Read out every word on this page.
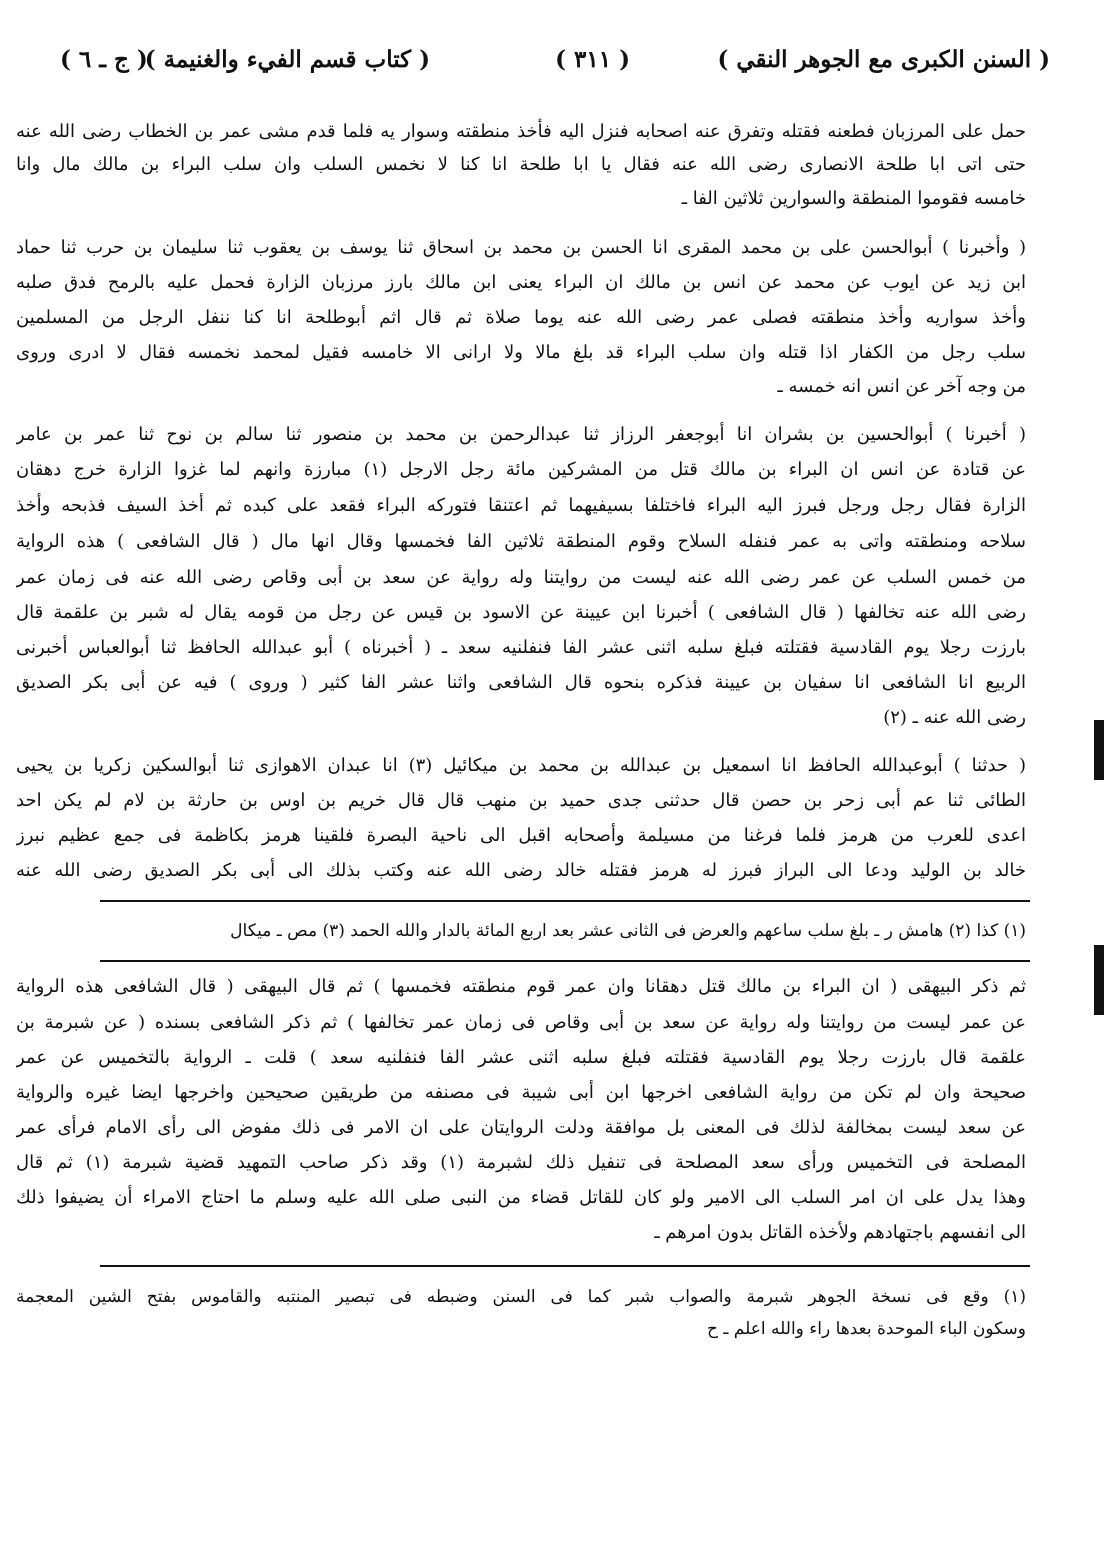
( السنن الكبرى مع الجوهر النقي )
( ٣١١ )
( كتاب قسم الفيء والغنيمة )
( ج ـ ٦ )
حمل على المرزبان فطعنه فقتله وتفرق عنه اصحابه فنزل اليه فأخذ منطقته وسوار يه فلما قدم مشى عمر بن الخطاب رضى الله عنه
حتى اتى ابا طلحة الانصارى رضى الله عنه فقال يا ابا طلحة انا كنا لا نخمس السلب وان سلب البراء بن مالك مال وانا
خامسه فقوموا المنطقة والسوارين ثلاثين الفا ـ
( وأخبرنا ) أبوالحسن على بن محمد المقرى انا الحسن بن محمد بن اسحاق ثنا يوسف بن يعقوب ثنا سليمان بن حرب ثنا حماد
ابن زيد عن ايوب عن محمد عن انس بن مالك ان البراء يعنى ابن مالك بارز مرزبان الزارة فحمل عليه بالرمح فدق صلبه
وأخذ سواريه وأخذ منطقته فصلى عمر رضى الله عنه يوما صلاة ثم قال اثم أبوطلحة انا كنا ننفل الرجل من المسلمين
سلب رجل من الكفار اذا قتله وان سلب البراء قد بلغ مالا ولا ارانى الا خامسه فقيل لمحمد نخمسه فقال لا ادرى وروى
من وجه آخر عن انس انه خمسه ـ
( أخبرنا ) أبوالحسين بن بشران انا أبوجعفر الرزاز ثنا عبدالرحمن بن محمد بن منصور ثنا سالم بن نوح ثنا عمر بن عامر
عن قتادة عن انس ان البراء بن مالك قتل من المشركين مائة رجل الارجل (١) مبارزة وانهم لما غزوا الزارة خرج دهقان
الزارة فقال رجل ورجل فبرز اليه البراء فاختلفا بسيفيهما ثم اعتنقا فتوركه البراء فقعد على كبده ثم أخذ السيف فذبحه وأخذ
سلاحه ومنطقته واتى به عمر فنفله السلاح وقوم المنطقة ثلاثين الفا فخمسها وقال انها مال ( قال الشافعى ) هذه الرواية
من خمس السلب عن عمر رضى الله عنه ليست من روايتنا وله رواية عن سعد بن أبى وقاص رضى الله عنه فى زمان عمر
رضى الله عنه تخالفها ( قال الشافعى ) أخبرنا ابن عيينة عن الاسود بن قيس عن رجل من قومه يقال له شبر بن علقمة قال
بارزت رجلا يوم القادسية فقتلته فبلغ سلبه اثنى عشر الفا فنفلنيه سعد ـ ( أخبرناه ) أبو عبدالله الحافظ ثنا أبوالعباس أخبرنى
الربيع انا الشافعى انا سفيان بن عيينة فذكره بنحوه قال الشافعى واثنا عشر الفا كثير ( وروى ) فيه عن أبى بكر الصديق
رضى الله عنه ـ (٢)
( حدثنا ) أبوعبدالله الحافظ انا اسمعيل بن عبدالله بن محمد بن ميكائيل (٣) انا عبدان الاهوازى ثنا أبوالسكين زكريا بن يحيى
الطائى ثنا عم أبى زحر بن حصن قال حدثنى جدى حميد بن منهب قال قال خريم بن اوس بن حارثة بن لام لم يكن احد
اعدى للعرب من هرمز فلما فرغنا من مسيلمة وأصحابه اقبل الى ناحية البصرة فلقينا هرمز بكاظمة فى جمع عظيم نبرز
خالد بن الوليد ودعا الى البراز فبرز له هرمز فقتله خالد رضى الله عنه وكتب بذلك الى أبى بكر الصديق رضى الله عنه
(١) كذا (٢) هامش ر ـ بلغ سلب ساعهم والعرض فى الثانى عشر بعد اربع المائة بالدار والله الحمد (٣) مص ـ ميكال
ثم ذكر البيهقى ( ان البراء بن مالك قتل دهقانا وان عمر قوم منطقته فخمسها ) ثم قال البيهقى ( قال الشافعى هذه الرواية
عن عمر ليست من روايتنا وله رواية عن سعد بن أبى وقاص فى زمان عمر تخالفها ) ثم ذكر الشافعى بسنده ( عن شبرمة بن
علقمة قال بارزت رجلا يوم القادسية فقتلته فبلغ سلبه اثنى عشر الفا فنفلنيه سعد ) قلت ـ الرواية بالتخميس عن عمر
صحيحة وان لم تكن من رواية الشافعى اخرجها ابن أبى شيبة فى مصنفه من طريقين صحيحين واخرجها ايضا غيره والرواية
عن سعد ليست بمخالفة لذلك فى المعنى بل موافقة ودلت الروايتان على ان الامر فى ذلك مفوض الى رأى الامام فرأى عمر
المصلحة فى التخميس ورأى سعد المصلحة فى تنفيل ذلك لشبرمة (١) وقد ذكر صاحب التمهيد قضية شبرمة (١) ثم قال
وهذا يدل على ان امر السلب الى الامير ولو كان للقاتل قضاء من النبى صلى الله عليه وسلم ما احتاج الامراء أن يضيفوا ذلك
الى انفسهم باجتهادهم ولأخذه القاتل بدون امرهم ـ
(١) وقع فى نسخة الجوهر شبرمة والصواب شبر كما فى السنن وضبطه فى تبصير المنتبه والقاموس بفتح الشين المعجمة
وسكون الباء الموحدة بعدها راء والله اعلم ـ ح
